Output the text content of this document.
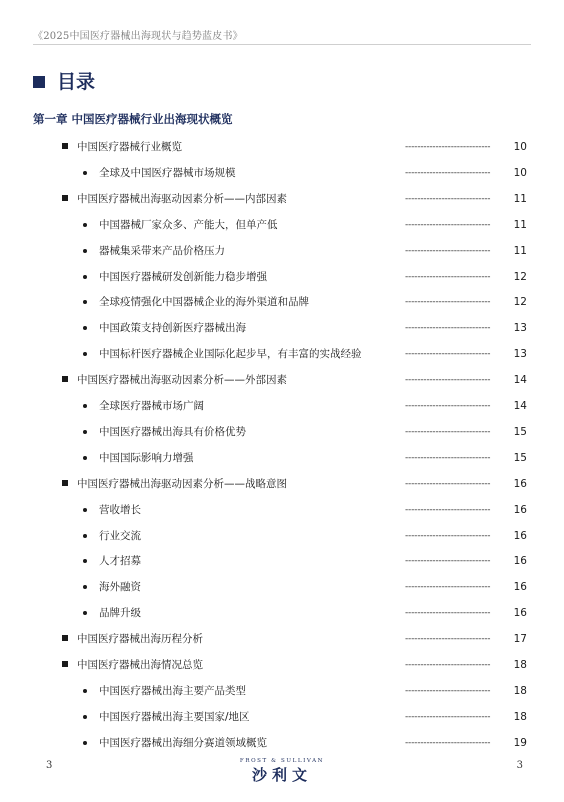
《2025中国医疗器械出海现状与趋势蓝皮书》
目录
第一章 中国医疗器械行业出海现状概览
中国医疗器械行业概览	----------------------------	10
全球及中国医疗器械市场规模	----------------------------	10
中国医疗器械出海驱动因素分析——内部因素	----------------------------	11
中国器械厂家众多、产能大，但单产低	----------------------------	11
器械集采带来产品价格压力	----------------------------	11
中国医疗器械研发创新能力稳步增强	----------------------------	12
全球疫情强化中国器械企业的海外渠道和品牌	----------------------------	12
中国政策支持创新医疗器械出海	----------------------------	13
中国标杆医疗器械企业国际化起步早，有丰富的实战经验	----------------------------	13
中国医疗器械出海驱动因素分析——外部因素	----------------------------	14
全球医疗器械市场广阔	----------------------------	14
中国医疗器械出海具有价格优势	----------------------------	15
中国国际影响力增强	----------------------------	15
中国医疗器械出海驱动因素分析——战略意图	----------------------------	16
营收增长	----------------------------	16
行业交流	----------------------------	16
人才招募	----------------------------	16
海外融资	----------------------------	16
品牌升级	----------------------------	16
中国医疗器械出海历程分析	----------------------------	17
中国医疗器械出海情况总览	----------------------------	18
中国医疗器械出海主要产品类型	----------------------------	18
中国医疗器械出海主要国家/地区	----------------------------	18
中国医疗器械出海细分赛道领域概览	----------------------------	19
3	FROST & SULLIVAN
沙利文
3
